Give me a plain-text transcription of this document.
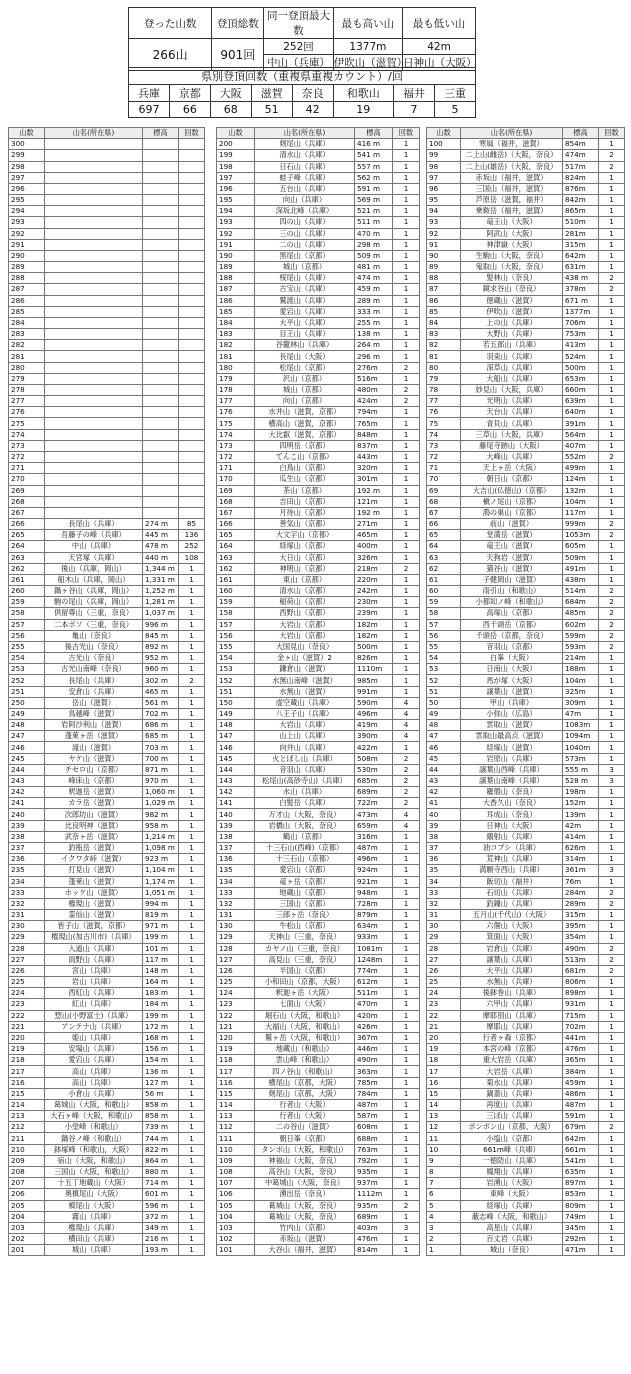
登った山数	登頂総数	同一登頂最大数	最も高い山	最も低い山
266山	901回	252回	1377m	42m
		中山（兵庫）	伊吹山（滋賀）	日神山（大阪）
県別登頂回数（重複県重複カウント）/回							
兵庫	京都	大阪	滋賀	奈良	和歌山	福井	三重
697	66	68	51	42	19	7	5
山数	山名(所在県)	標高	回数
300			
299			
298			
297			
296			
295			
294			
293			
292			
291			
290			
289			
288			
287			
286			
285			
284			
283			
282			
281			
280			
279			
278			
277			
276			
275			
274			
273			
272			
271			
270			
269			
268			
267			
266	長尾山（兵庫）	274 m	85
265	吾藤子の峰（兵庫）	445 m	136
264	中山（兵庫）	478 m	252
263	天宮塚（兵庫）	440 m	108
262	後山（兵庫，岡山）	1,344 m	1
261	船木山（兵庫，岡山）	1,331 m	1
260	鍋ヶ谷山（兵庫，岡山）	1,252 m	1
259	駒の尾山（兵庫，岡山）	1,281 m	1
258	倶留尊山（三重，奈良）	1,037 m	1
257	二本ボソ（三重，奈良）	996 m	1
256	亀山（奈良）	845 m	1
255	後古光山（奈良）	892 m	1
254	古光山（奈良）	952 m	1
253	古光山南峰（奈良）	960 m	1
252	長尾山（兵庫）	302 m	2
251	安倉山（兵庫）	465 m	1
250	岳山（滋賀）	561 m	1
249	鳥越峰（滋賀）	702 m	1
248	岩阿沙利山（滋賀）	686 m	1
247	蓬萊ヶ岳（滋賀）	685 m	1
246	滝山（滋賀）	703 m	1
245	ヤケ山（滋賀）	700 m	1
244	チセロ山（京都）	871 m	1
243	峰床山（京都）	970 m	1
242	釈迦岳（滋賀）	1,060 m	1
241	カラ岳（滋賀）	1,029 m	1
240	次郎坊山（滋賀）	982 m	1
239	比良明神（滋賀）	958 m	1
238	武奈ヶ岳（滋賀）	1,214 m	1
237	釣瓶岳（滋賀）	1,098 m	1
236	イクワタ峠（滋賀）	923 m	1
235	打見山（滋賀）	1,104 m	1
234	蓬莱山（滋賀）	1,174 m	1
233	ホッケ山（滋賀）	1,051 m	1
232	権現山（滋賀）	994 m	1
231	霊仙山（滋賀）	819 m	1
230	皆子山（滋賀，京都）	971 m	1
229	権現山(加古川市)（兵庫）	199 m	1
228	入道山（兵庫）	101 m	1
227	雨野山（兵庫）	117 m	1
226	宮山（兵庫）	148 m	1
225	岩山（兵庫）	164 m	1
224	西紅山（兵庫）	183 m	1
223	紅山（兵庫）	184 m	1
222	惣山(小野富士)（兵庫）	199 m	1
221	アンテナ山（兵庫）	172 m	1
220	姫山（兵庫）	168 m	1
219	安場山（兵庫）	156 m	1
218	愛宕山（兵庫）	154 m	1
217	高山（兵庫）	136 m	1
216	高山（兵庫）	127 m	1
215	小倉山（兵庫）	56 m	1
214	葛城山（大阪，和歌山）	858 m	1
213	大石ヶ峰（大阪，和歌山）	858 m	1
212	小堂峰（和歌山）	739 m	1
211	鍋谷ノ峰（和歌山）	744 m	1
210	鉢塚峰（和歌山，大阪）	822 m	1
209	宿山（大阪，和歌山）	864 m	1
208	三国山（大阪，和歌山）	880 m	1
207	十五丁地蔵山（大阪）	714 m	1
206	奥槙尾山（大阪）	601 m	1
205	槙尾山（大阪）	596 m	1
204	霧山（兵庫）	372 m	1
203	権現山（兵庫）	349 m	1
202	横田山（兵庫）	216 m	1
201	城山（兵庫）	193 m	1
山数	山名(所在県)	標高	回数
200	剣尾山（兵庫）	416 m	1
199	清水山（兵庫）	541 m	1
198	日石山（兵庫）	557 m	1
197	蛙子峰（兵庫）	562 m	1
196	五台山（兵庫）	591 m	1
195	向山（兵庫）	569 m	1
194	深坂北峰（兵庫）	521 m	1
193	四の山（兵庫）	511 m	1
192	三の山（兵庫）	470 m	1
191	二の山（兵庫）	298 m	1
190	黒尾山（京都）	509 m	1
189	城山（京都）	481 m	1
188	桜尾山（兵庫）	474 m	1
187	古宝山（兵庫）	459 m	1
186	鷲渡山（兵庫）	289 m	1
185	愛宕山（兵庫）	333 m	1
184	大平山（兵庫）	255 m	1
183	目王山（兵庫）	138 m	1
182	谷籠林山（兵庫）	264 m	1
181	長尾山（大阪）	296 m	1
180	松尾山（京都）	276m	2
179	沢山（京都）	516m	1
178	城山（京都）	480m	2
177	向山（京都）	424m	2
176	水井山（滋賀，京都）	794m	1
175	横高山（滋賀，京都）	765m	1
174	大比叡（滋賀，京都）	848m	1
173	四明岳（京都）	837m	1
172	てんこ山（京都）	443m	1
171	白鳥山（京都）	320m	1
170	瓜生山（京都）	301m	1
169	茶山（京都）	192 m	1
168	吉田山（京都）	121m	1
167	月待山（京都）	192 m	1
166	善気山（京都）	271m	1
165	大文字山（京都）	465m	1
164	経塚山（京都）	400m	1
163	大日山（京都）	326m	1
162	神明山（京都）	218m	2
161	東山（京都）	220m	1
160	清水山（京都）	242m	1
159	稲荷山（京都）	230m	1
158	西野山（京都）	239m	1
157	大岩山（京都）	182m	1
156	大岩山（京都）	182m	1
155	大国見山（奈良）	500m	1
154	金ヶ山（滋賀）2	826m	1
153	鎌倉山（滋賀）	1110m	1
152	水無山南峰（滋賀）	985m	1
151	水無山（滋賀）	991m	1
150	虚空蔵山（兵庫）	590m	4
149	八王子山（兵庫）	496m	4
148	大岩山（兵庫）	419m	4
147	山上山（兵庫）	390m	4
146	向井山（兵庫）	422m	1
145	火とぼし山（兵庫）	508m	2
144	音羽山（兵庫）	530m	2
143	松尾山(高砂寺山)（兵庫）	685m	2
142	水山（兵庫）	689m	2
141	白髪岳（兵庫）	722m	2
140	万才山（大阪，奈良）	473m	4
139	岩橋山（大阪，奈良）	659m	4
138	鶴山（京都）	316m	1
137	十三石山(西峰)（京都）	487m	1
136	十三石山（京都）	496m	1
135	愛宕山（京都）	924m	1
134	竜ヶ岳（京都）	921m	1
133	地蔵山（京都）	948m	1
132	三国山（京都）	728m	1
131	三郎ヶ岳（奈良）	879m	1
130	牛松山（京都）	634m	1
129	天神山（三重，奈良）	933m	1
128	カヤノ山（三重，奈良）	1081m	1
127	高見山（三重，奈良）	1248m	1
126	半国山（京都）	774m	1
125	小和田山（京都，大阪）	612m	1
124	釈迦ヶ岳（大阪）	511m	1
123	七面山（大阪）	470m	1
122	堀石山（大阪，和歌山）	420m	1
121	大福山（大阪，和歌山）	426m	1
120	鷲ヶ岳（大阪，和歌山）	367m	1
119	地蔵山（和歌山）	446m	1
118	雲山峰（和歌山）	490m	1
117	四ノ谷山（和歌山）	363m	1
116	横尾山（京都，大阪）	785m	1
115	剣尾山（京都，大阪）	784m	1
114	行者山（大阪）	487m	1
113	行者山（大阪）	587m	1
112	二の谷山（滋賀）	608m	1
111	朝日峯（京都）	688m	1
110	タンボ山（大阪，和歌山）	763m	1
109	神福山（大阪，奈良）	792m	1
108	高谷山（大阪，奈良）	935m	1
107	中葛城山（大阪，奈良）	937m	1
106	湧出岳（奈良）	1112m	1
105	葛城山（大阪，奈良）	935m	2
104	葛城山（大阪，奈良）	689m	1
103	竹内山（京都）	403m	3
102	赤坂山（滋賀）	476m	1
101	大谷山（福井，滋賀）	814m	1
山数	山名(所在県)	標高	回数
100	寒風（福井，滋賀）	854m	1
99	二上山(雌岳)（大阪，奈良）	474m	2
98	二上山(雄岳)（大阪，奈良）	517m	2
97	赤坂山（福井，滋賀）	824m	1
96	三国山（福井，滋賀）	876m	1
95	芦原岳（滋賀，福井）	842m	1
94	乗鞍岳（福井，滋賀）	865m	1
93	竜王山（大阪）	510m	1
92	阿武山（大阪）	281m	1
91	神津嶽（大阪）	315m	1
90	生駒山（大阪，奈良）	642m	1
89	鬼取山（大阪，奈良）	631m	1
88	髪林山（奈良）	438 m	2
87	鏡求谷山（奈良）	378m	2
86	徳蔵山（滋賀）	671 m	1
85	伊吹山（滋賀）	1377m	1
84	上の山（兵庫）	706m	1
83	大野山（兵庫）	753m	1
82	若五郎山（兵庫）	413m	1
81	羽束山（兵庫）	524m	1
80	深草山（兵庫）	500m	1
79	大船山（兵庫）	653m	1
78	妙見山（大阪，兵庫）	660m	1
77	光明山（兵庫）	639m	1
76	天台山（兵庫）	640m	1
75	青貝山（兵庫）	391m	1
74	三草山（大阪，兵庫）	564m	1
73	藤尾寺跡山（大阪）	407m	1
72	大峰山（兵庫）	552m	2
71	天上ヶ岳（大阪）	499m	1
70	朝日山（京都）	124m	1
69	大吉山(仏徳山)（京都）	132m	1
68	槇ノ尾山（京都）	104m	1
67	鴻の巣山（京都）	117m	1
66	前山（滋賀）	999m	2
65	堂満岳（滋賀）	1053m	2
64	竜王山（滋賀）	605m	1
63	天狗岩（滋賀）	509m	1
62	猫谷山（滋賀）	491m	1
61	子健岡山（滋賀）	438m	1
60	雨引山（和歌山）	514m	2
59	小都知ノ峰（和歌山）	684m	2
58	高塚山（京都）	485m	2
57	西千頭岳（京都）	602m	2
56	千頭岳（京都，奈良）	599m	2
55	音羽山（京都）	593m	2
54	白峯（大阪）	214m	1
53	日南山（大阪）	188m	1
52	馬が塚（大阪）	104m	1
51	譲葉山（滋賀）	325m	1
50	甲山（兵庫）	309m	1
49	小弥山（広島）	47m	1
48	雲取山（滋賀）	1083m	1
47	雲取山最高点（滋賀）	1094m	1
46	経塚山（滋賀）	1040m	1
45	岩原山（兵庫）	573m	1
44	譲葉山西峰（兵庫）	555 m	3
43	譲葉山南峰（兵庫）	528 m	3
42	羅僧山（奈良）	198m	1
41	大香久山（奈良）	152m	1
40	耳成山（奈良）	139m	1
39	日神山（大阪）	42m	1
38	鷂射山（兵庫）	414m	1
37	油コブシ（兵庫）	626m	1
36	荒神山（兵庫）	314m	1
35	満願寺西山（兵庫）	361m	3
34	飯切山（福井）	76m	1
33	石切山（兵庫）	284m	2
32	釣鐘山（兵庫）	289m	2
31	五月山(千代山)（大阪）	315m	1
30	六個山（大阪）	395m	1
29	箕面山（大阪）	354m	1
28	岩倉山（兵庫）	490m	2
27	譲葉山（兵庫）	513m	2
26	大平山（兵庫）	681m	2
25	水無山（兵庫）	806m	1
24	後鉢巻山（兵庫）	898m	1
23	六甲山（兵庫）	931m	1
22	摩耶別山（兵庫）	715m	1
21	摩耶山（兵庫）	702m	1
20	行者ヶ森（京都）	441m	1
19	本宮の峰（京都）	476m	1
18	重大岩岳（兵庫）	365m	1
17	大岩岳（兵庫）	384m	1
16	菊水山（兵庫）	459m	1
15	鍋蓋山（兵庫）	486m	1
14	再度山（兵庫）	487m	1
13	三ぼ山（兵庫）	591m	1
12	ポンポン山（京都，大阪）	679m	2
11	小塩山（京都）	642m	1
10	661m峰（兵庫）	661m	1
9	一徳防山（兵庫）	541m	1
8	鳳翔山（兵庫）	635m	1
7	岩湧山（大阪）	897m	1
6	東峰（大阪）	853m	1
5	経塚山（兵庫）	809m	1
4	蔽志峰（大阪，和歌山）	749m	1
3	高星山（兵庫）	345m	1
2	百丈岩（兵庫）	292m	1
1	城山（奈良）	471m	1
